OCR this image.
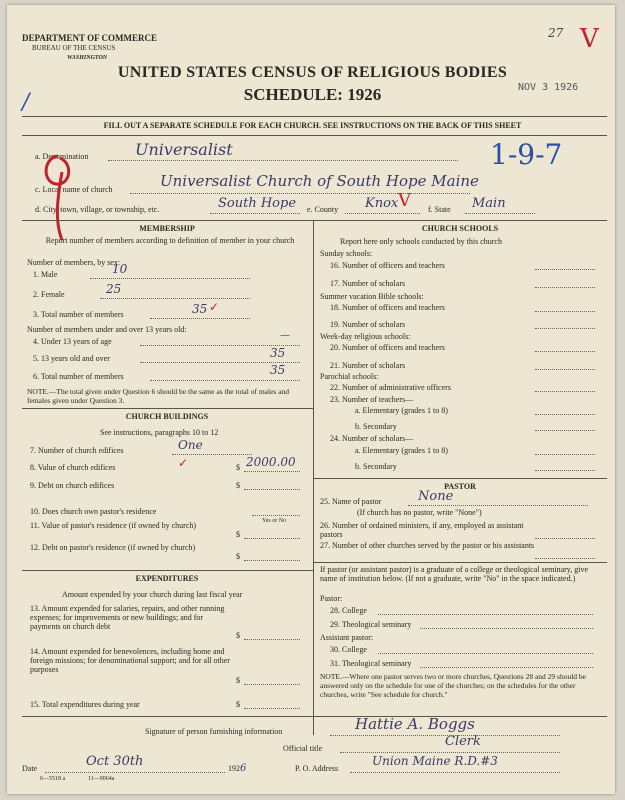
DEPARTMENT OF COMMERCE
BUREAU OF THE CENSUS
WASHINGTON
UNITED STATES CENSUS OF RELIGIOUS BODIES
SCHEDULE: 1926	NOV 3 1926
27 V
/
FILL OUT A SEPARATE SCHEDULE FOR EACH CHURCH. SEE INSTRUCTIONS ON THE BACK OF THIS SHEET
a. Denomination	Universalist	1-9-7
c. Local name of church	Universalist Church of South Hope Maine
d. City, town, village, or township, etc.	South Hope e. County Knox V f. State Main
MEMBERSHIP
Report number of members according to definition of member in your church
Number of members, by sex:
1. Male	10
2. Female	25
3. Total number of members	35 ✓
Number of members under and over 13 years old:
4. Under 13 years of age
—
5. 13 years old and over	35
6. Total number of members	35
NOTE.—The total given under Question 6 should be the same as the total of males and females given under Question 3.
CHURCH BUILDINGS
See instructions, paragraphs 10 to 12
7. Number of church edifices	One
8. Value of church edifices	✓	$ 2000.00
9. Debt on church edifices	$
10. Does church own pastor's residence
Yes or No
11. Value of pastor's residence (if owned by church)
$
12. Debt on pastor's residence (if owned by church)
$
EXPENDITURES
Amount expended by your church during last fiscal year
13. Amount expended for salaries, repairs, and other running expenses; for improvements or new buildings; and for payments on church debt
$
14. Amount expended for benevolences, including home and foreign missions; for denominational support; and for all other purposes
$
15. Total expenditures during year	$
CHURCH SCHOOLS
Report here only schools conducted by this church
Sunday schools:
16. Number of officers and teachers
17. Number of scholars
Summer vacation Bible schools:
18. Number of officers and teachers
19. Number of scholars
Week-day religious schools:
20. Number of officers and teachers
21. Number of scholars
Parochial schools:
22. Number of administrative officers
23. Number of teachers—
a. Elementary (grades 1 to 8)
b. Secondary
24. Number of scholars—
a. Elementary (grades 1 to 8)
b. Secondary
PASTOR
25. Name of pastor	None
(If church has no pastor, write "None")
26. Number of ordained ministers, if any, employed as assistant pastors
27. Number of other churches served by the pastor or his assistants
If pastor (or assistant pastor) is a graduate of a college or theological seminary, give name of institution below. (If not a graduate, write "No" in the space indicated.)
Pastor:
28. College
29. Theological seminary
Assistant pastor:
30. College
31. Theological seminary
NOTE.—Where one pastor serves two or more churches, Questions 28 and 29 should be answered only on the schedule for one of the churches; on the schedules for the other churches, write "See schedule for church."
Signature of person furnishing information	Hattie A. Boggs
Official title	Clerk
Date	Oct 30th	1926	P. O. Address
Union Maine R.D.#3
6—5518 a	11—9064a
